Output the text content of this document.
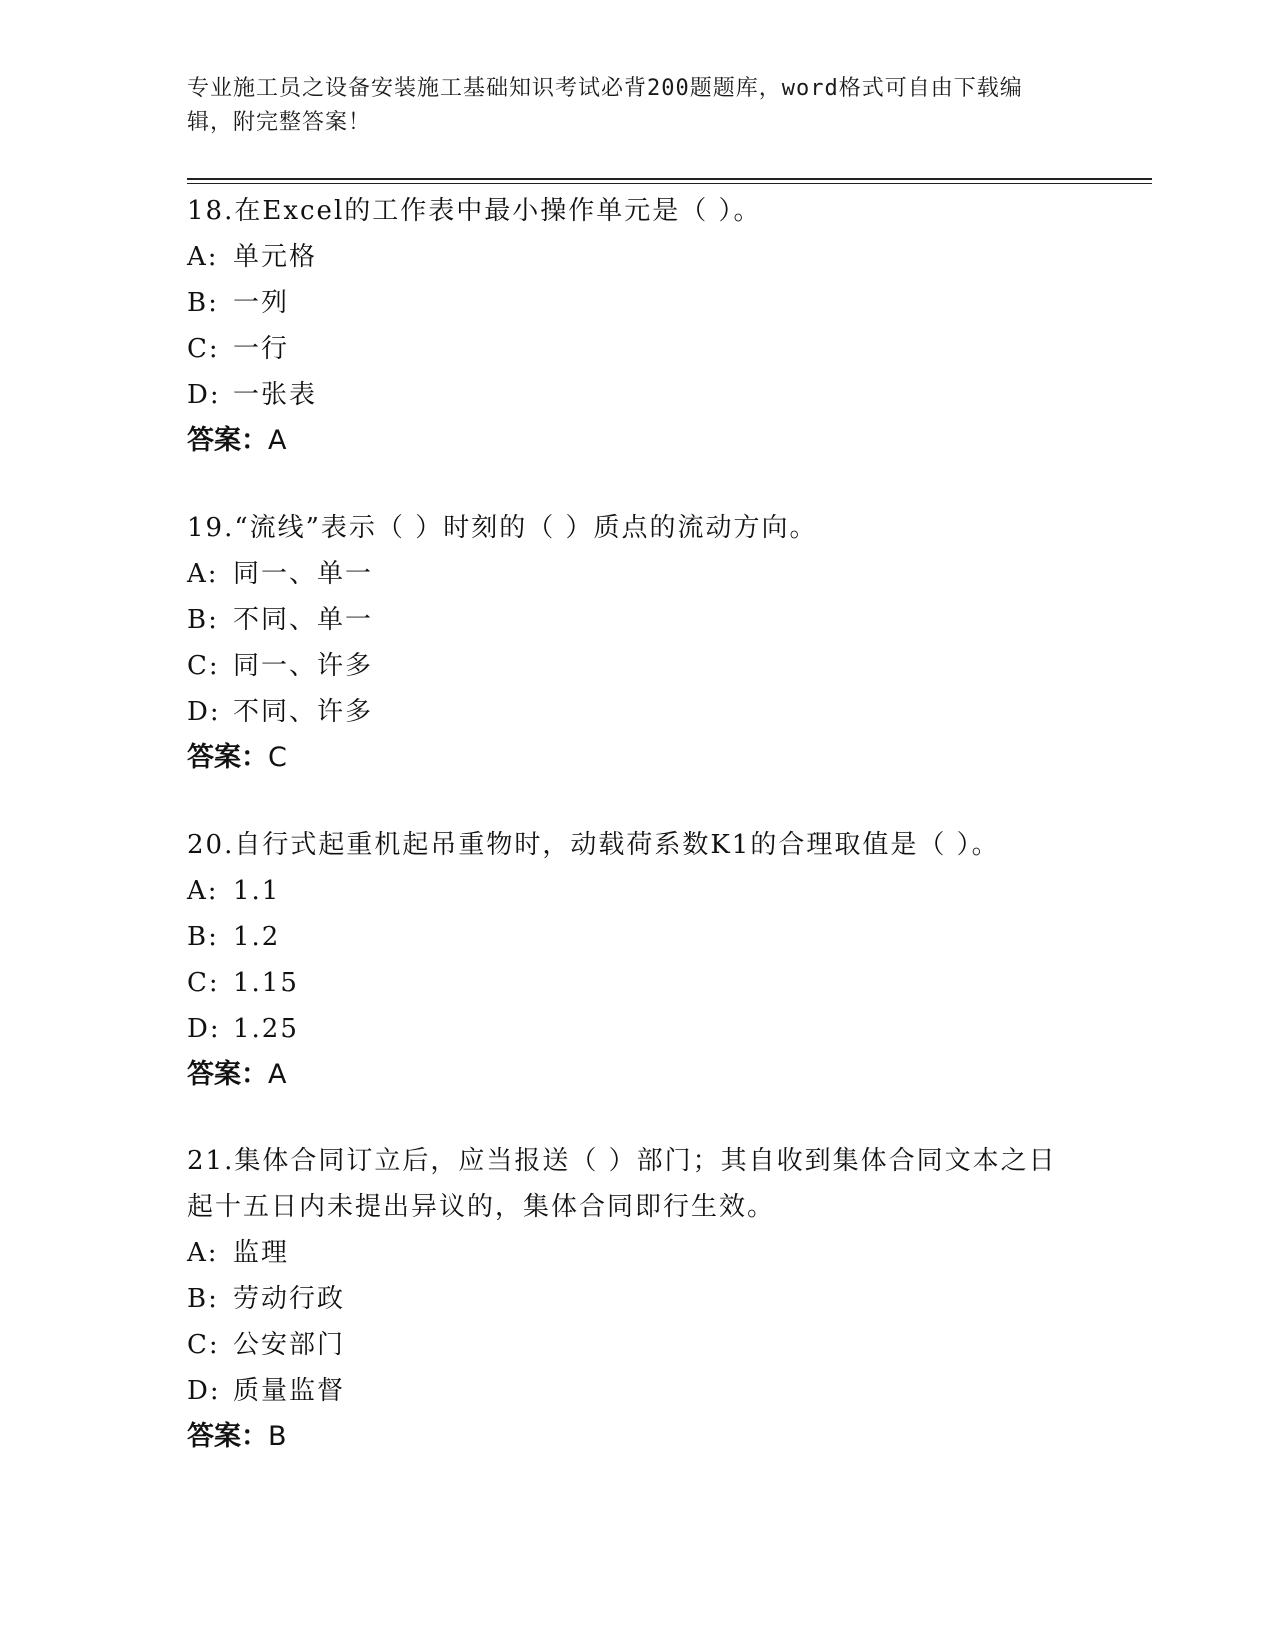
专业施工员之设备安装施工基础知识考试必背200题题库，word格式可自由下载编辑，附完整答案！

18.在Excel的工作表中最小操作单元是（ ）。

A: 单元格

B: 一列

C: 一行

D: 一张表

答案：A

19.“流线”表示（ ）时刻的（ ）质点的流动方向。

A: 同一、单一

B: 不同、单一

C: 同一、许多

D: 不同、许多

答案：C

20.自行式起重机起吊重物时，动载荷系数K1的合理取值是（ ）。

A: 1.1

B: 1.2

C: 1.15

D: 1.25

答案：A

21.集体合同订立后，应当报送（ ）部门；其自收到集体合同文本之日起十五日内未提出异议的，集体合同即行生效。

A: 监理

B: 劳动行政

C: 公安部门

D: 质量监督

答案：B
